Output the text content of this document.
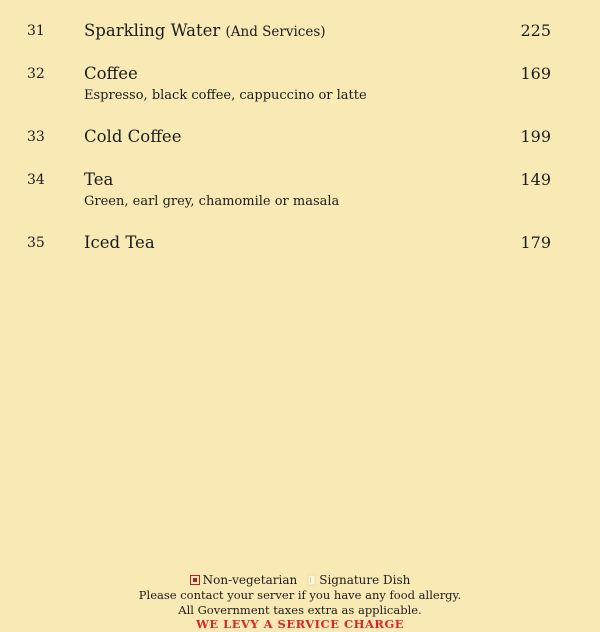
31 Sparkling Water (And Services)	225
32 Coffee	169
Espresso, black coffee, cappuccino or latte
33 Cold Coffee	199
34 Tea	149
Green, earl grey, chamomile or masala
35 Iced Tea	179
Non-vegetarian Signature Dish
Please contact your server if you have any food allergy.
All Government taxes extra as applicable.
WE LEVY A SERVICE CHARGE
